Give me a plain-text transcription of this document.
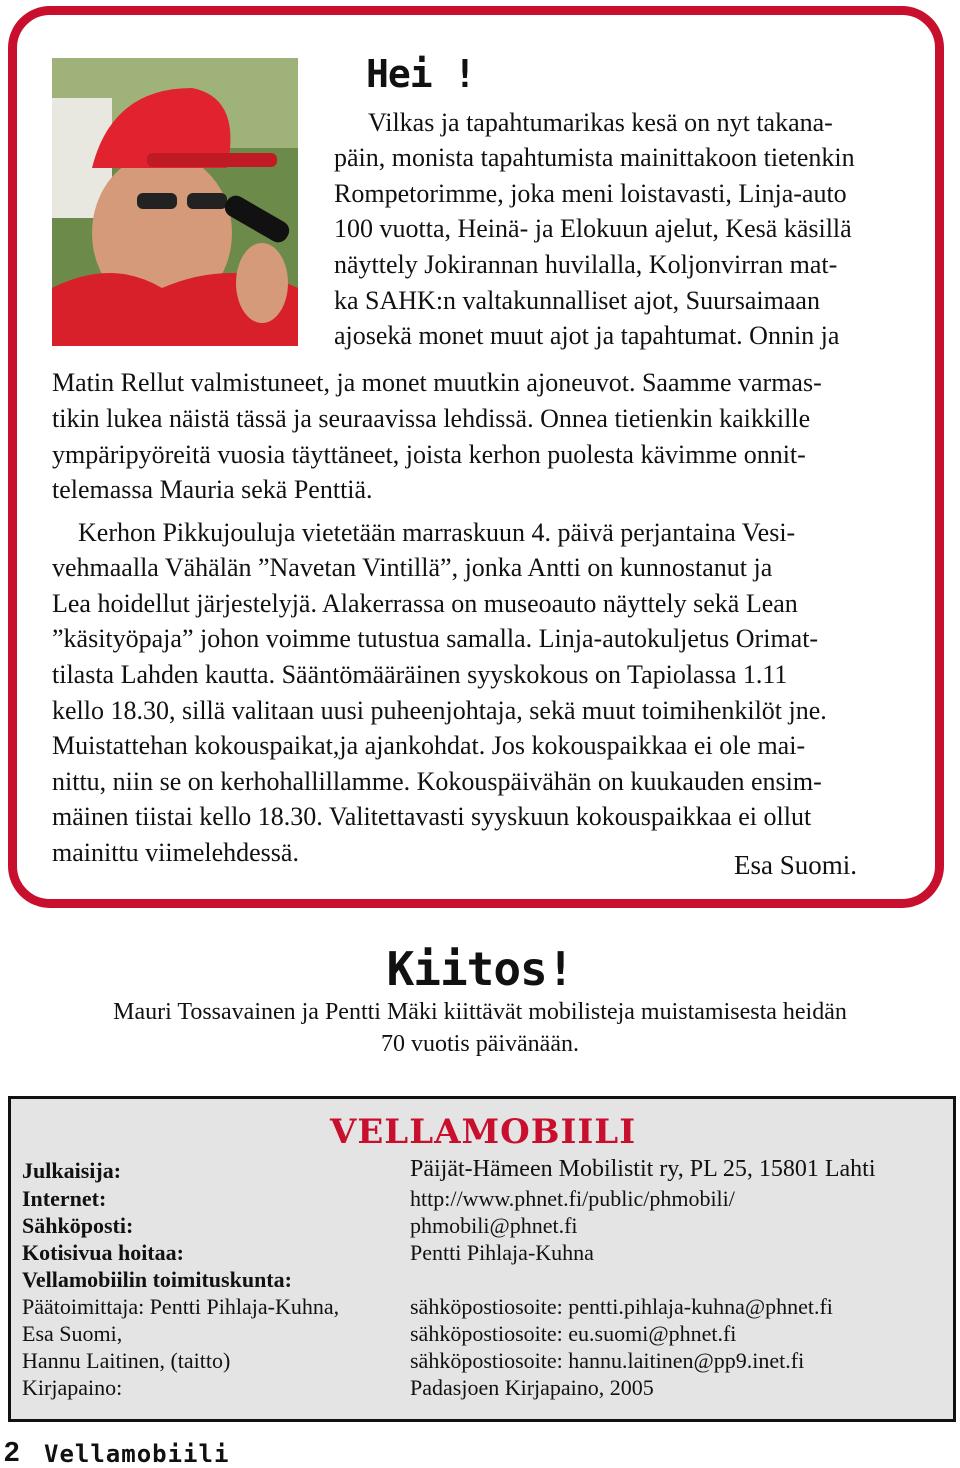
Hei !
Vilkas ja tapahtumarikas kesä on nyt takana-
päin, monista tapahtumista mainittakoon tietenkin
Rompetorimme, joka meni loistavasti, Linja-auto
100 vuotta, Heinä- ja Elokuun ajelut, Kesä käsillä
näyttely Jokirannan huvilalla, Koljonvirran mat-
ka SAHK:n valtakunnalliset ajot, Suursaimaan
ajosekä monet muut ajot ja tapahtumat. Onnin ja
Matin Rellut valmistuneet, ja monet muutkin ajoneuvot. Saamme varmas-
tikin lukea näistä tässä ja seuraavissa lehdissä. Onnea tietienkin kaikkille
ympäripyöreitä vuosia täyttäneet, joista kerhon puolesta kävimme onnit-
telemassa Mauria sekä Penttiä.
Kerhon Pikkujouluja vietetään marraskuun 4. päivä perjantaina Vesi-
vehmaalla Vähälän ”Navetan Vintillä”, jonka Antti on kunnostanut ja
Lea hoidellut järjestelyjä. Alakerrassa on museoauto näyttely sekä Lean
”käsityöpaja” johon voimme tutustua samalla. Linja-autokuljetus Orimat-
tilasta Lahden kautta. Sääntömääräinen syyskokous on Tapiolassa 1.11
kello 18.30, sillä valitaan uusi puheenjohtaja, sekä muut toimihenkilöt jne.
Muistattehan kokouspaikat,ja ajankohdat. Jos kokouspaikkaa ei ole mai-
nittu, niin se on kerhohallillamme. Kokouspäivähän on kuukauden ensim-
mäinen tiistai kello 18.30. Valitettavasti syyskuun kokouspaikkaa ei ollut
mainittu viimelehdessä.	Esa Suomi.
Kiitos!
Mauri Tossavainen ja Pentti Mäki kiittävät mobilisteja muistamisesta heidän
70 vuotis päivänään.
VELLAMOBIILI
Julkaisija:	Päijät-Hämeen Mobilistit ry, PL 25, 15801 Lahti
Internet:	http://www.phnet.fi/public/phmobili/
Sähköposti:	phmobili@phnet.fi
Kotisivua hoitaa:	Pentti Pihlaja-Kuhna
Vellamobiilin toimituskunta:
Päätoimittaja: Pentti Pihlaja-Kuhna,	sähköpostiosoite: pentti.pihlaja-kuhna@phnet.fi
Esa Suomi,	sähköpostiosoite: eu.suomi@phnet.fi
Hannu Laitinen, (taitto)	sähköpostiosoite: hannu.laitinen@pp9.inet.fi
Kirjapaino:	Padasjoen Kirjapaino, 2005
2 Vellamobiili
